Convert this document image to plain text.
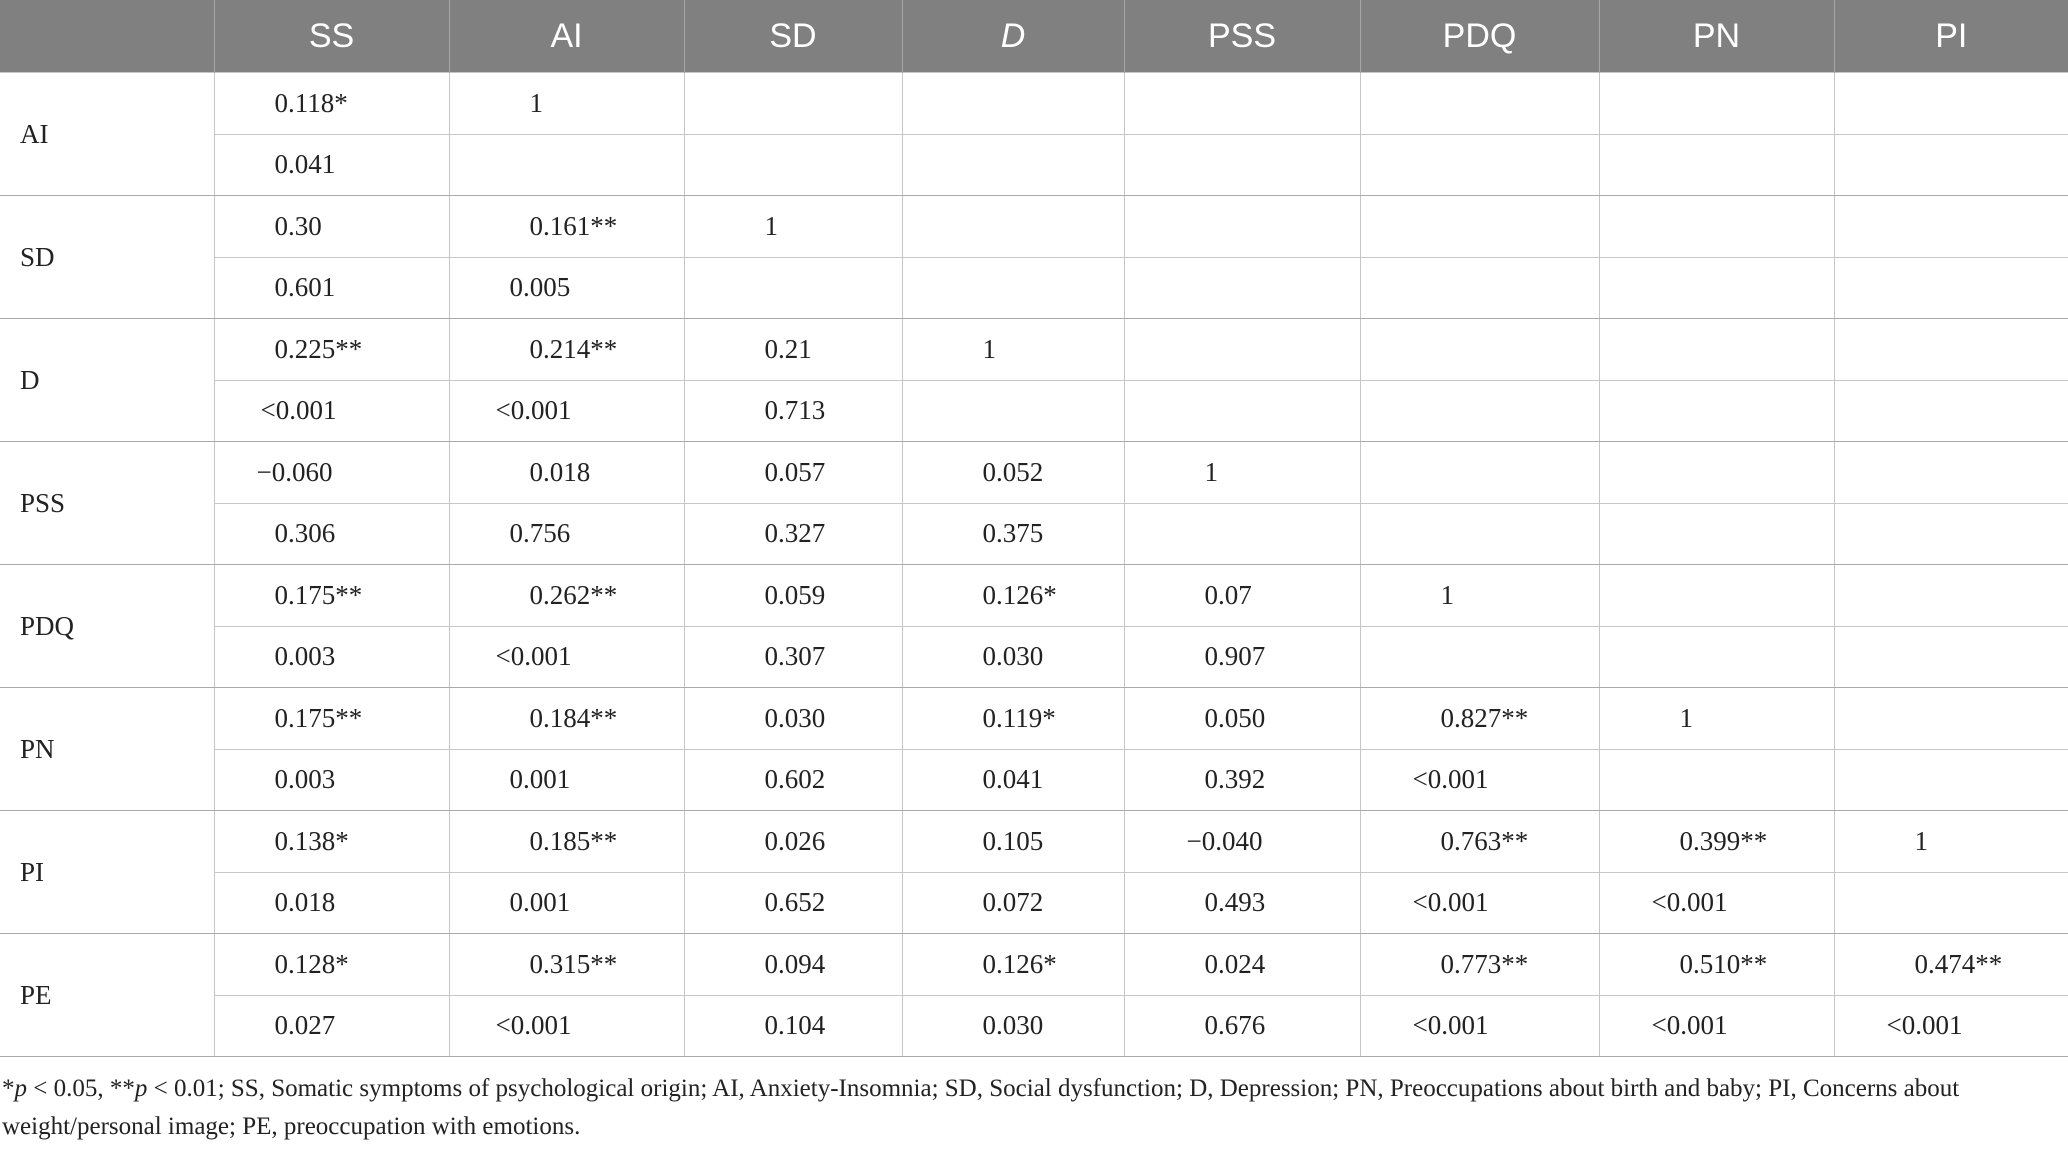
	SS	AI	SD	D	PSS	PDQ	PN	PI
AI	0.118*	1						
	0.041							
SD	0.30	0.161**	1					
	0.601	0.005						
D	0.225**	0.214**	0.21	1				
	<0.001	<0.001	0.713					
PSS	−0.060	0.018	0.057	0.052	1			
	0.306	0.756	0.327	0.375				
PDQ	0.175**	0.262**	0.059	0.126*	0.07	1		
	0.003	<0.001	0.307	0.030	0.907			
PN	0.175**	0.184**	0.030	0.119*	0.050	0.827**	1	
	0.003	0.001	0.602	0.041	0.392	<0.001		
PI	0.138*	0.185**	0.026	0.105	−0.040	0.763**	0.399**	1
	0.018	0.001	0.652	0.072	0.493	<0.001	<0.001	
PE	0.128*	0.315**	0.094	0.126*	0.024	0.773**	0.510**	0.474**
	0.027	<0.001	0.104	0.030	0.676	<0.001	<0.001	<0.001
*p < 0.05, **p < 0.01; SS, Somatic symptoms of psychological origin; AI, Anxiety-Insomnia; SD, Social dysfunction; D, Depression; PN, Preoccupations about birth and baby; PI, Concerns about weight/personal image; PE, preoccupation with emotions.
